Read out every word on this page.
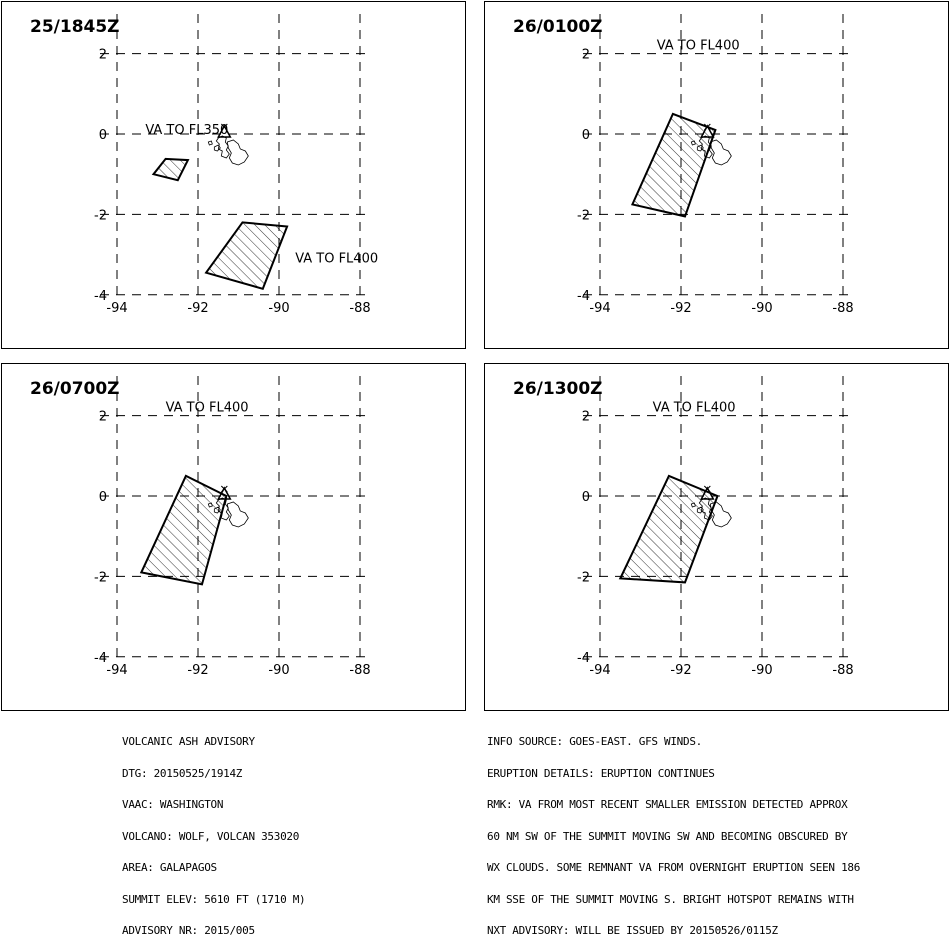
-94	-92	-90	-88
2
0
-2
-4
VA TO FL350
VA TO FL400
25/1845Z
-94	-92	-90	-88
2
0
-2
-4
VA TO FL400
26/0100Z
-94	-92	-90	-88
2
0
-2
-4
VA TO FL400
26/0700Z
-94	-92	-90	-88
2
0
-2
-4
VA TO FL400
26/1300Z

VOLCANIC ASH ADVISORY

DTG: 20150525/1914Z

VAAC: WASHINGTON

VOLCANO: WOLF, VOLCAN 353020

AREA: GALAPAGOS

SUMMIT ELEV: 5610 FT (1710 M)

ADVISORY NR: 2015/005

INFO SOURCE: GOES-EAST. GFS WINDS.

ERUPTION DETAILS: ERUPTION CONTINUES

RMK: VA FROM MOST RECENT SMALLER EMISSION DETECTED APPROX

60 NM SW OF THE SUMMIT MOVING SW AND BECOMING OBSCURED BY

WX CLOUDS. SOME REMNANT VA FROM OVERNIGHT ERUPTION SEEN 186

KM SSE OF THE SUMMIT MOVING S. BRIGHT HOTSPOT REMAINS WITH

NXT ADVISORY: WILL BE ISSUED BY 20150526/0115Z
